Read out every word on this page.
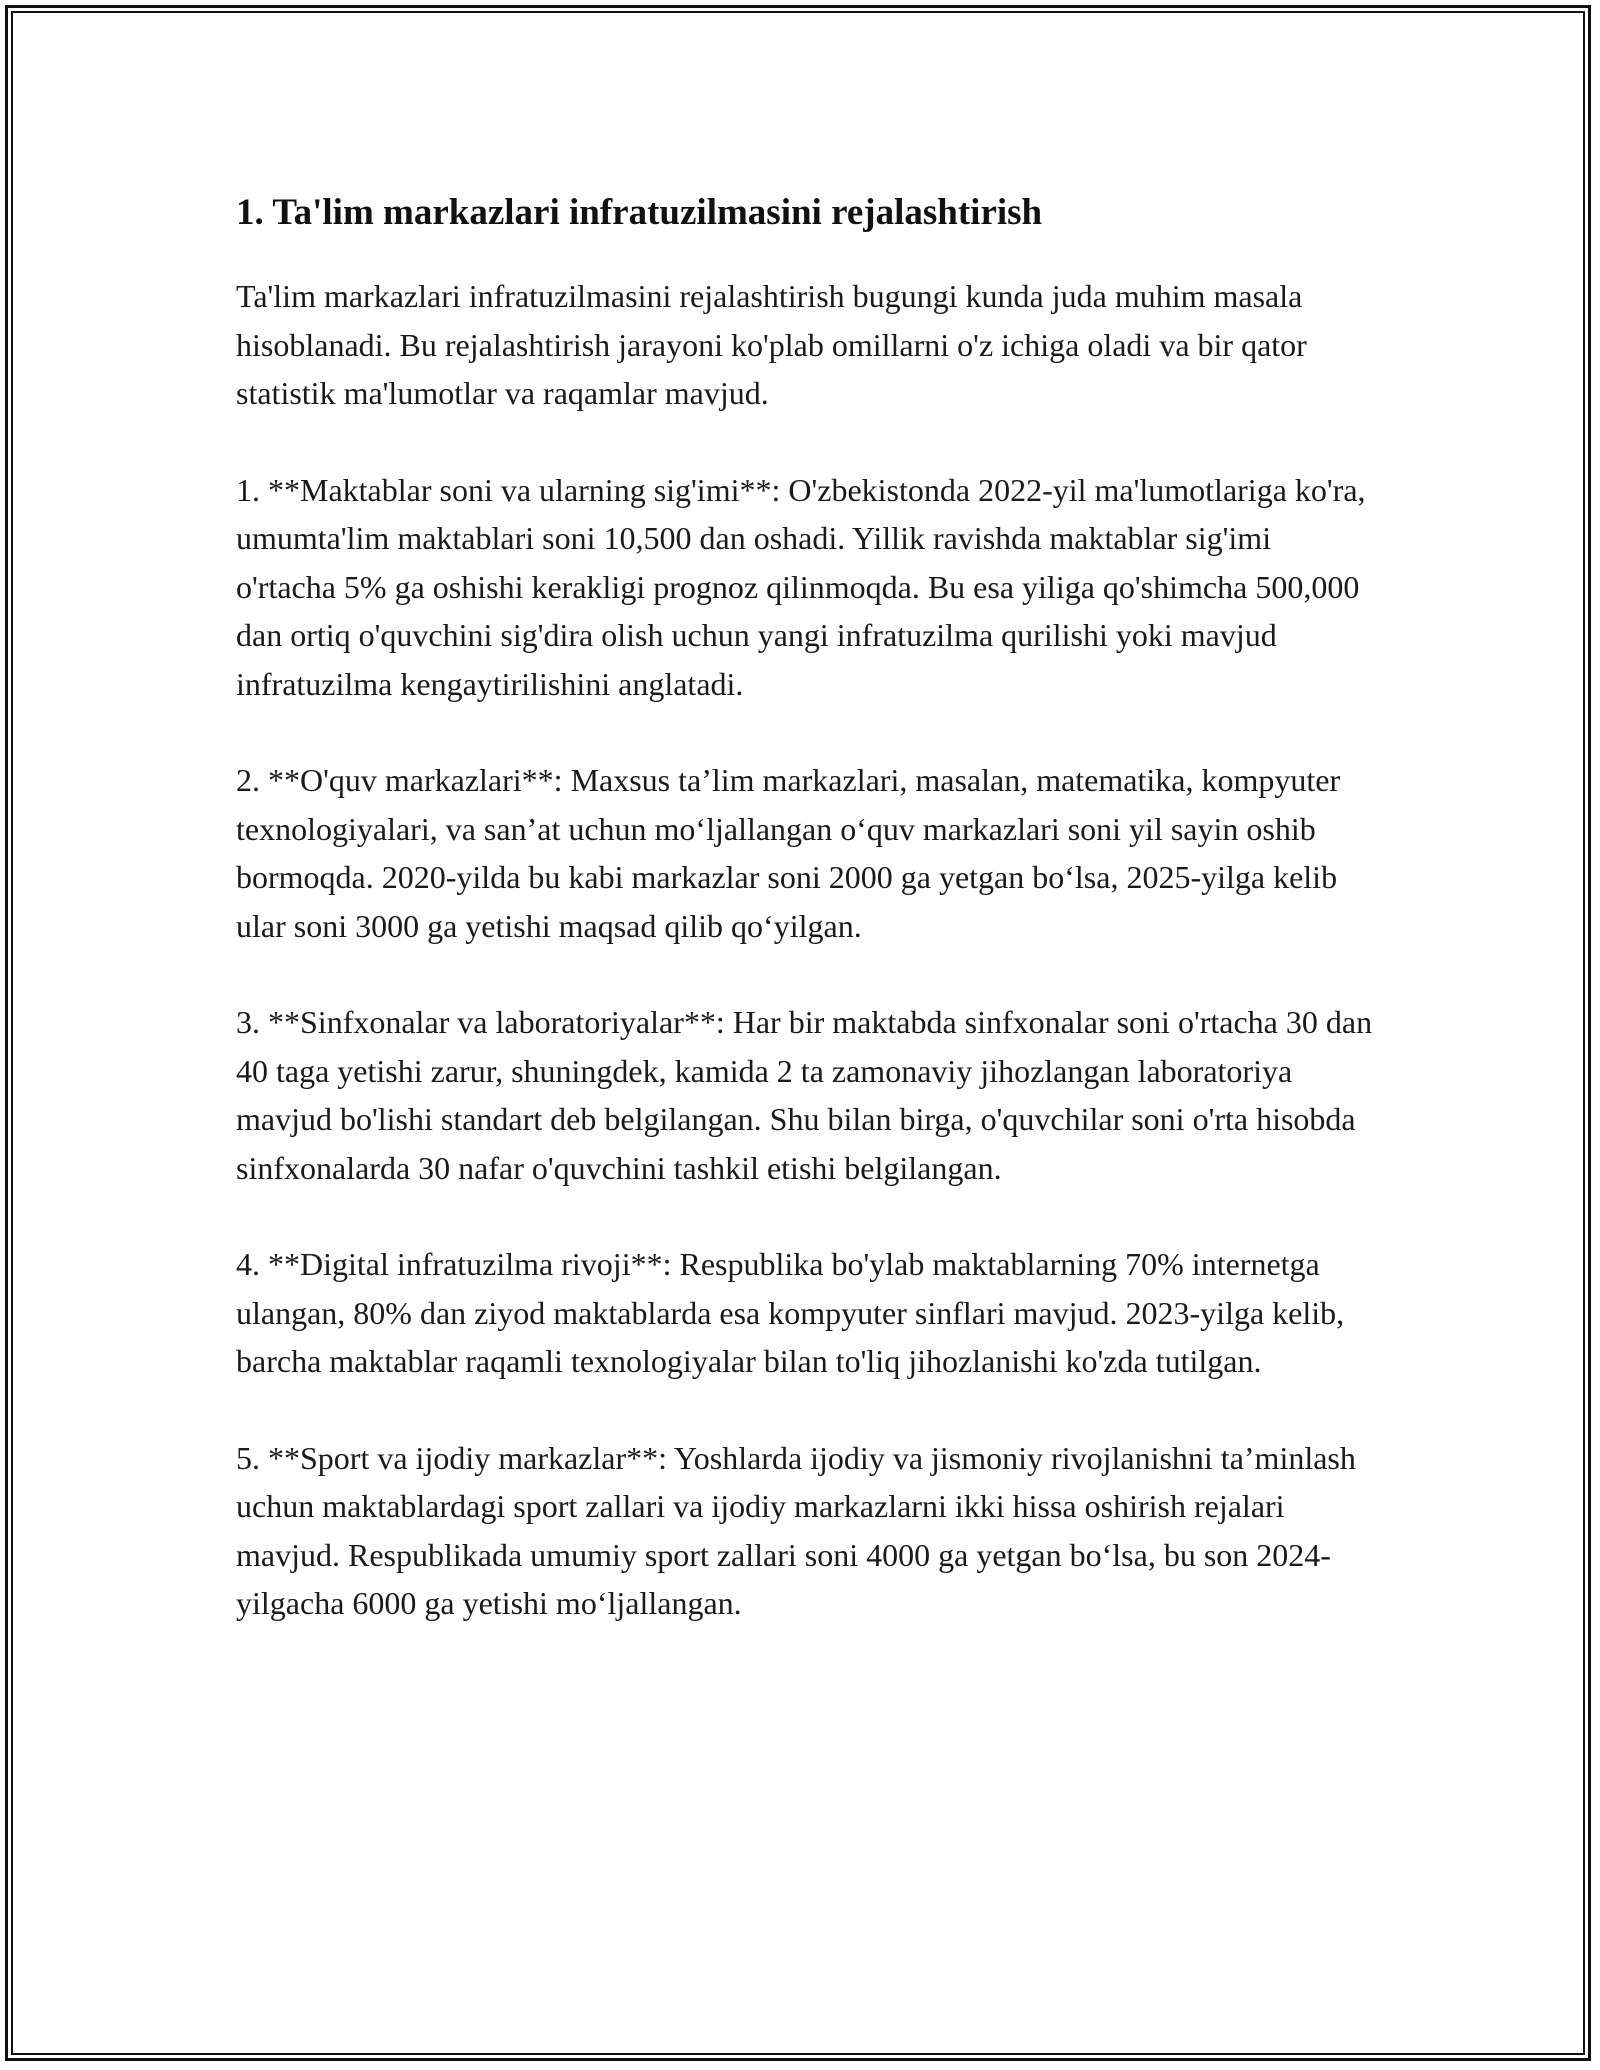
1. Ta'lim markazlari infratuzilmasini rejalashtirish

Ta'lim markazlari infratuzilmasini rejalashtirish bugungi kunda juda muhim masala hisoblanadi. Bu rejalashtirish jarayoni ko'plab omillarni o'z ichiga oladi va bir qator statistik ma'lumotlar va raqamlar mavjud.

1. **Maktablar soni va ularning sig'imi**: O'zbekistonda 2022-yil ma'lumotlariga ko'ra, umumta'lim maktablari soni 10,500 dan oshadi. Yillik ravishda maktablar sig'imi o'rtacha 5% ga oshishi kerakligi prognoz qilinmoqda. Bu esa yiliga qo'shimcha 500,000 dan ortiq o'quvchini sig'dira olish uchun yangi infratuzilma qurilishi yoki mavjud infratuzilma kengaytirilishini anglatadi.

2. **O'quv markazlari**: Maxsus ta’lim markazlari, masalan, matematika, kompyuter texnologiyalari, va san’at uchun mo‘ljallangan o‘quv markazlari soni yil sayin oshib bormoqda. 2020-yilda bu kabi markazlar soni 2000 ga yetgan bo‘lsa, 2025-yilga kelib ular soni 3000 ga yetishi maqsad qilib qo‘yilgan.

3. **Sinfxonalar va laboratoriyalar**: Har bir maktabda sinfxonalar soni o'rtacha 30 dan 40 taga yetishi zarur, shuningdek, kamida 2 ta zamonaviy jihozlangan laboratoriya mavjud bo'lishi standart deb belgilangan. Shu bilan birga, o'quvchilar soni o'rta hisobda sinfxonalarda 30 nafar o'quvchini tashkil etishi belgilangan.

4. **Digital infratuzilma rivoji**: Respublika bo'ylab maktablarning 70% internetga ulangan, 80% dan ziyod maktablarda esa kompyuter sinflari mavjud. 2023-yilga kelib, barcha maktablar raqamli texnologiyalar bilan to'liq jihozlanishi ko'zda tutilgan.

5. **Sport va ijodiy markazlar**: Yoshlarda ijodiy va jismoniy rivojlanishni ta’minlash uchun maktablardagi sport zallari va ijodiy markazlarni ikki hissa oshirish rejalari mavjud. Respublikada umumiy sport zallari soni 4000 ga yetgan bo‘lsa, bu son 2024-yilgacha 6000 ga yetishi mo‘ljallangan.
